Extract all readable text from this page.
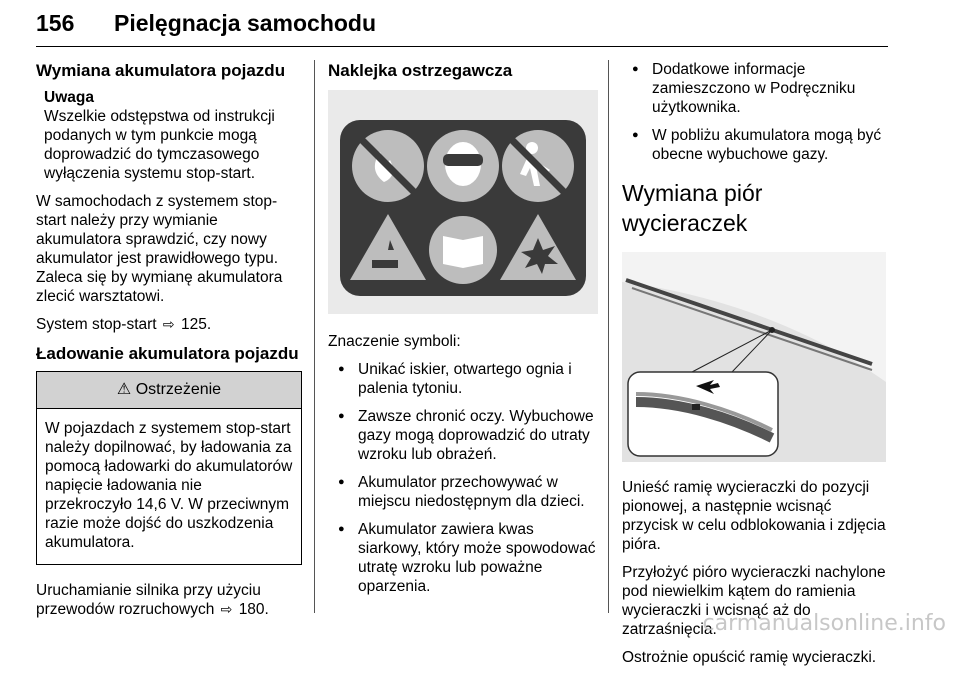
156 Pielęgnacja samochodu
Wymiana akumulatora pojazdu
Uwaga
Wszelkie odstępstwa od instrukcji podanych w tym punkcie mogą doprowadzić do tymczasowego wyłączenia systemu stop-start.

W samochodach z systemem stop-start należy przy wymianie akumulatora sprawdzić, czy nowy akumulator jest prawidłowego typu. Zaleca się by wymianę akumulatora zlecić warsztatowi.

System stop-start ⇨ 125.

Ładowanie akumulatora pojazdu
⚠ Ostrzeżenie
W pojazdach z systemem stop-start należy dopilnować, by ładowania za pomocą ładowarki do akumulatorów napięcie ładowania nie przekroczyło 14,6 V. W przeciwnym razie może dojść do uszkodzenia akumulatora.

Uruchamianie silnika przy użyciu przewodów rozruchowych ⇨ 180.

Naklejka ostrzegawcza

Znaczenie symboli:

● Unikać iskier, otwartego ognia i palenia tytoniu.
● Zawsze chronić oczy. Wybuchowe gazy mogą doprowadzić do utraty wzroku lub obrażeń.
● Akumulator przechowywać w miejscu niedostępnym dla dzieci.
● Akumulator zawiera kwas siarkowy, który może spowodować utratę wzroku lub poważne oparzenia.
● Dodatkowe informacje zamieszczono w Podręczniku użytkownika.
● W pobliżu akumulatora mogą być obecne wybuchowe gazy.
Wymiana piór wycieraczek

Unieść ramię wycieraczki do pozycji pionowej, a następnie wcisnąć przycisk w celu odblokowania i zdjęcia pióra.

Przyłożyć pióro wycieraczki nachylone pod niewielkim kątem do ramienia wycieraczki i wcisnąć aż do zatrzaśnięcia.

Ostrożnie opuścić ramię wycieraczki.

carmanualsonline.info
